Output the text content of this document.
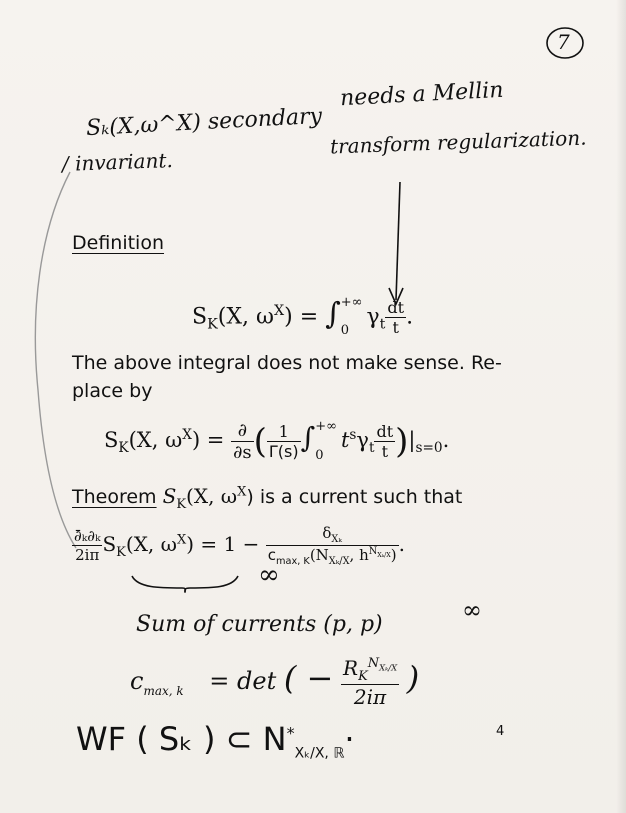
7
Sₖ(X,ω^X) secondary
/ invariant.
needs a Mellin
transform regularization.
Definition
$S_K(X$, $\omega^X$) = ∫ +∞
0
$\gamma_t \frac{dt}{t}$ .
The above integral does not make sense. Re-
place by
$S_K(X$, $\omega^X) = \frac{\partial}{\partial s}$ ( $\frac{1}{\Gamma(s)}$ ∫ +∞
0
$t^s\gamma_t \frac{dt}{t} )|_{s=0}$.
Theorem $S_K(X$, $\omega^X$) is a current such that
$\frac{\text{∂̄ₖ∂ₖ}}{2i\pi} S_K(X$, $\omega^X) = 1 - \frac{\delta_{X_k}}{c_{max, K}(N_{X_k/X}, h^{N_{X_k/X}})}$ .
∞
∞
Sum of currents (p, p)
$c_{max, k} = \det$ ( − $\frac{R_K^{N_{X_k/X}}}{2i\pi}$ )
WF ( Sₖ ) ⊂ $N^*_{X_k/X, ℝ}\cdot$	4
